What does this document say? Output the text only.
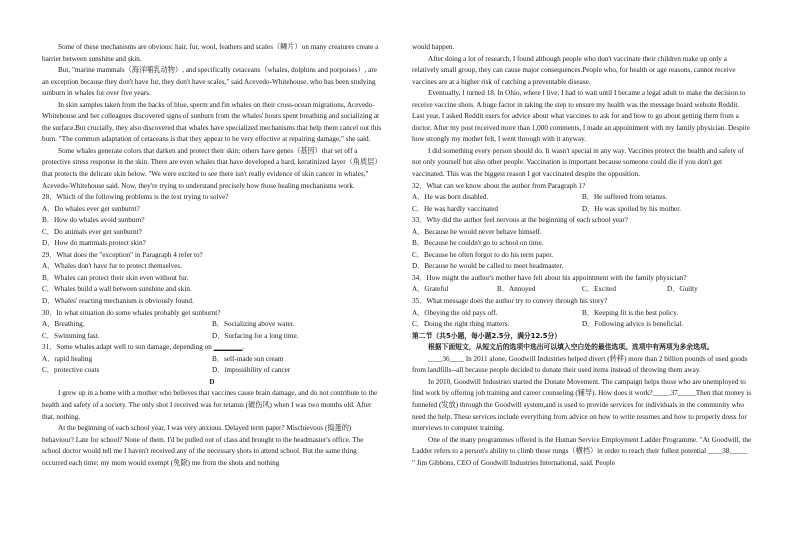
Some of these mechanisms are obvious: hair, fur, wool, feathers and scales（鳞片）on many creatures create a barrier between sunshine and skin.

But, "marine mammals（海洋哺乳动物）, and specifically cetaceans（whales, dolphins and porpoises）, are an exception because they don't have fur, they don't have scales," said Acevedo-Whitehouse, who has been studying sunburn in whales for over five years.

In skin samples taken from the backs of blue, sperm and fin whales on their cross-ocean migrations, Acevedo-Whitehouse and her colleagues discovered signs of sunburn from the whales' hours spent breathing and socializing at the surface.But crucially, they also discovered that whales have specialized mechanisms that help them cancel out this burn. "The common adaptation of cetaceans is that they appear to be very effective at repairing damage," she said.

Some whales generate colors that darken and protect their skin; others have genes（基因）that set off a protective stress response in the skin. There are even whales that have developed a hard, keratinized layer（角质层）that protects the delicate skin below. "We were excited to see there isn't really evidence of skin cancer in whales," Acevedo-Whitehouse said. Now, they're trying to understand precisely how those healing mechanisms work.

28．Which of the following problems is the text trying to solve?

A．Do whales ever get sunburnt?

B．How do whales avoid sunburn?

C．Do animals ever get sunburnt?

D．How do mammals protect skin?

29．What does the "exception" in Paragraph 4 refer to?

A．Whales don't have fur to protect themselves.

B．Whales can protect their skin even without fur.

C．Whales build a wall between sunshine and skin.

D．Whales' reacting mechanism is obviously found.

30．In what situation do some whales probably get sunburnt?

A．Breathing.	B．Socializing above water.
C．Swimming fast.	D．Surfacing for a long time.

31．Some whales adapt well to sun damage, depending on ________.

A．rapid healing	B．self-made sun cream
C．protective coats	D．impossibility of cancer

D

I grew up in a home with a mother who believes that vaccines cause brain damage, and do not contribute to the health and safety of a society. The only shot I received was for tetanus (破伤风) when I was two months old. After that, nothing.

At the beginning of each school year, I was very anxious. Delayed term paper? Mischievous (捣蛋的) behaviour? Late for school? None of them. I'd be pulled out of class and brought to the headmaster's office. The school doctor would tell me I haven't received any of the necessary shots to attend school. But the same thing occurred each time: my mom would exempt (免除) me from the shots and nothing

would happen.

After doing a lot of research, I found although people who don't vaccinate their children make up only a relatively small group, they can cause major consequences.People who, for health or age reasons, cannot receive vaccines are at a higher risk of catching a preventable disease.

Eventually, I turned 18. In Ohio, where I live, I had to wait until I became a legal adult to make the decision to receive vaccine shots. A huge factor in taking the step to ensure my health was the message board website Reddit. Last year, I asked Reddit users for advice about what vaccines to ask for and how to go about getting them from a doctor. After my post received more than 1,000 comments, I made an appointment with my family physician. Despite how strongly my mother felt, I went through with it anyway.

I did something every person should do. It wasn't special in any way. Vaccines protect the health and safety of not only yourself but also other people. Vaccination is important because someone could die if you don't get vaccinated. This was the biggest reason I got vaccinated despite the opposition.

32．What can we know about the author from Paragraph 1?

A．He was born disabled.	B．He suffered from tetanus.
C．He was hardly vaccinated	D．He was spoiled by his mother.

33．Why did the author feel nervous at the beginning of each school year?

A．Because he would never behave himself.

B．Because he couldn't go to school on time.

C．Because he often forgot to do his term paper.

D．Because he would be called to meet headmaster.

34．How might the author's mother have felt about his appointment with the family physician?

A．Grateful	B．Annoyed	C．Excited	D．Guilty

35．What message does the author try to convey through his story?

A．Obeying the old pays off.	B．Keeping fit is the best policy.
C．Doing the right thing matters.	D．Following advice is beneficial.

第二节（共5小题，每小题2.5分，满分12.5分）

根据下面短文，从短文后的选项中选出可以填入空白处的最佳选项。选项中有两项为多余选项。

____36____ In 2011 alone, Goodwill Industries helped divert (转移) more than 2 billion pounds of used goods from landfills--all because people decided to donate their used items instead of throwing them away.

In 2010, Goodwill Industries started the Donate Movement. The campaign helps those who are unemployed to find work by offering job training and career counseling (辅导). How does it work?_____37_____Then that money is funneled (发放) through the Goodwill system,and is used to provide services for individuals in the community who need the help. These services include everything from advice on how to write resumes and how to properly dress for interviews to computer training.

One of the many programmes offered is the Human Service Employment Ladder Programme. "At Goodwill, the Ladder refers to a person's ability to climb those rungs（横档）in order to reach their fullest potential ____38_____ " Jim Gibbons, CEO of Goodwill Industries International, said. People
